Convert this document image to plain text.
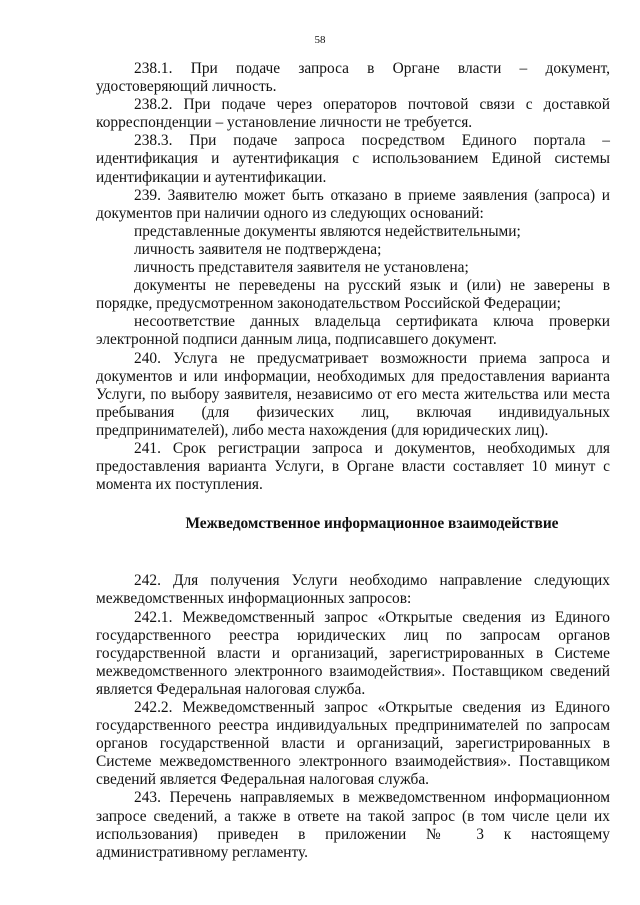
58

238.1. При подаче запроса в Органе власти – документ, удостоверяющий личность.

238.2. При подаче через операторов почтовой связи с доставкой корреспонденции – установление личности не требуется.

238.3. При подаче запроса посредством Единого портала – идентификация и аутентификация с использованием Единой системы идентификации и аутентификации.

239. Заявителю может быть отказано в приеме заявления (запроса) и документов при наличии одного из следующих оснований:

представленные документы являются недействительными;

личность заявителя не подтверждена;

личность представителя заявителя не установлена;

документы не переведены на русский язык и (или) не заверены в порядке, предусмотренном законодательством Российской Федерации;

несоответствие данных владельца сертификата ключа проверки электронной подписи данным лица, подписавшего документ.

240. Услуга не предусматривает возможности приема запроса и документов и или информации, необходимых для предоставления варианта Услуги, по выбору заявителя, независимо от его места жительства или места пребывания (для физических лиц, включая индивидуальных предпринимателей), либо места нахождения (для юридических лиц).

241. Срок регистрации запроса и документов, необходимых для предоставления варианта Услуги, в Органе власти составляет 10 минут с момента их поступления.

Межведомственное информационное взаимодействие

242. Для получения Услуги необходимо направление следующих межведомственных информационных запросов:

242.1. Межведомственный запрос «Открытые сведения из Единого государственного реестра юридических лиц по запросам органов государственной власти и организаций, зарегистрированных в Системе межведомственного электронного взаимодействия». Поставщиком сведений является Федеральная налоговая служба.

242.2. Межведомственный запрос «Открытые сведения из Единого государственного реестра индивидуальных предпринимателей по запросам органов государственной власти и организаций, зарегистрированных в Системе межведомственного электронного взаимодействия». Поставщиком сведений является Федеральная налоговая служба.

243. Перечень направляемых в межведомственном информационном запросе сведений, а также в ответе на такой запрос (в том числе цели их использования) приведен в приложении № 3 к настоящему административному регламенту.
